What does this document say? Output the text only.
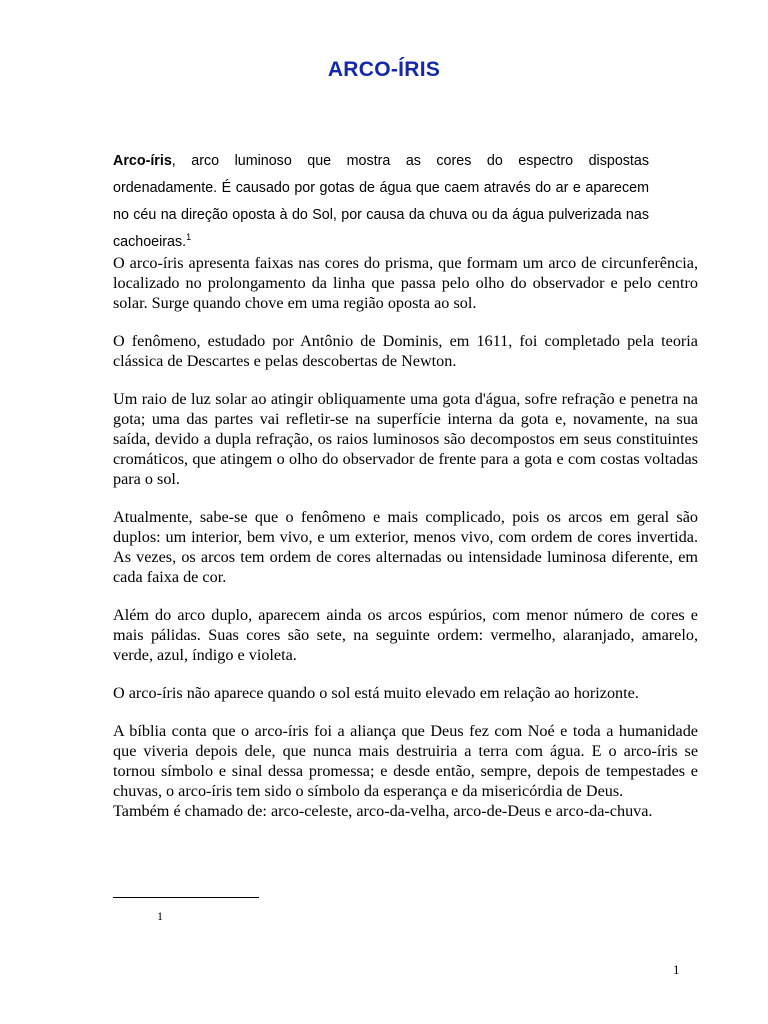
ARCO-ÍRIS
Arco-íris, arco luminoso que mostra as cores do espectro dispostas ordenadamente. É causado por gotas de água que caem através do ar e aparecem no céu na direção oposta à do Sol, por causa da chuva ou da água pulverizada nas cachoeiras.$^1$

O arco-íris apresenta faixas nas cores do prisma, que formam um arco de circunferência, localizado no prolongamento da linha que passa pelo olho do observador e pelo centro solar. Surge quando chove em uma região oposta ao sol.

O fenômeno, estudado por Antônio de Dominis, em 1611, foi completado pela teoria clássica de Descartes e pelas descobertas de Newton.

Um raio de luz solar ao atingir obliquamente uma gota d'água, sofre refração e penetra na gota; uma das partes vai refletir-se na superfície interna da gota e, novamente, na sua saída, devido a dupla refração, os raios luminosos são decompostos em seus constituintes cromáticos, que atingem o olho do observador de frente para a gota e com costas voltadas para o sol.

Atualmente, sabe-se que o fenômeno e mais complicado, pois os arcos em geral são duplos: um interior, bem vivo, e um exterior, menos vivo, com ordem de cores invertida. As vezes, os arcos tem ordem de cores alternadas ou intensidade luminosa diferente, em cada faixa de cor.

Além do arco duplo, aparecem ainda os arcos espúrios, com menor número de cores e mais pálidas. Suas cores são sete, na seguinte ordem: vermelho, alaranjado, amarelo, verde, azul, índigo e violeta.

O arco-íris não aparece quando o sol está muito elevado em relação ao horizonte.

A bíblia conta que o arco-íris foi a aliança que Deus fez com Noé e toda a humanidade que viveria depois dele, que nunca mais destruiria a terra com água. E o arco-íris se tornou símbolo e sinal dessa promessa; e desde então, sempre, depois de tempestades e chuvas, o arco-íris tem sido o símbolo da esperança e da misericórdia de Deus.

Também é chamado de: arco-celeste, arco-da-velha, arco-de-Deus e arco-da-chuva.

1
1
